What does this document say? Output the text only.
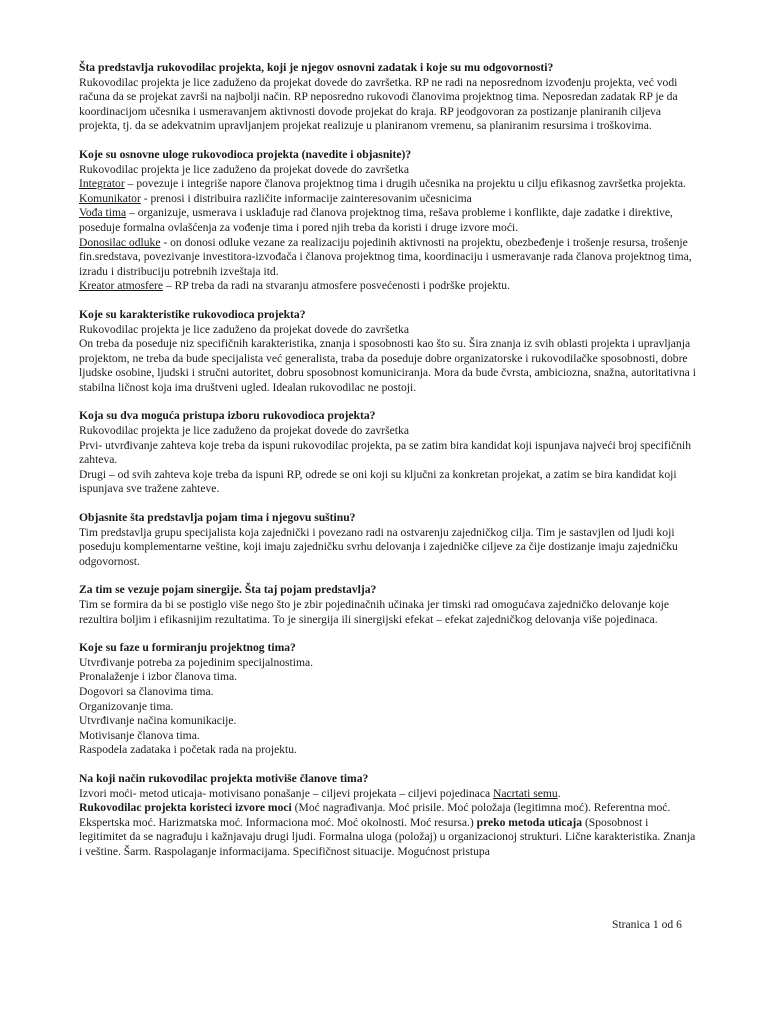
Šta predstavlja rukovodilac projekta, koji je njegov osnovni zadatak i koje su mu odgovornosti?

Rukovodilac projekta je lice zaduženo da projekat dovede do završetka. RP ne radi na neposrednom izvođenju projekta, već vodi računa da se projekat završi na najbolji način. RP neposredno rukovodi članovima projektnog tima. Neposredan zadatak RP je da koordinacijom učesnika i usmeravanjem aktivnosti dovode projekat do kraja. RP jeodgovoran za postizanje planiranih ciljeva projekta, tj. da se adekvatnim upravljanjem projekat realizuje u planiranom vremenu, sa planiranim resursima i troškovima.

Koje su osnovne uloge rukovodioca projekta (navedite i objasnite)?

Rukovodilac projekta je lice zaduženo da projekat dovede do završetka

Integrator – povezuje i integriše napore članova projektnog tima i drugih učesnika na projektu u cilju efikasnog završetka projekta.

Komunikator - prenosi i distribuira različite informacije zainteresovanim učesnicima

Vođa tima – organizuje, usmerava i usklađuje rad članova projektnog tima, rešava probleme i konflikte, daje zadatke i direktive, poseduje formalna ovlašćenja za vođenje tima i pored njih treba da koristi i druge izvore moći.

Donosilac odluke - on donosi odluke vezane za realizaciju pojedinih aktivnosti na projektu, obezbeđenje i trošenje resursa, trošenje fin.sredstava, povezivanje investitora-izvođača i članova projektnog tima, koordinaciju i usmeravanje rada članova projektnog tima, izradu i distribuciju potrebnih izveštaja itd.

Kreator atmosfere – RP treba da radi na stvaranju atmosfere posvećenosti i podrške projektu.

Koje su karakteristike rukovodioca projekta?

Rukovodilac projekta je lice zaduženo da projekat dovede do završetka

On treba da poseduje niz specifičnih karakteristika, znanja i sposobnosti kao što su. Šira znanja iz svih oblasti projekta i upravljanja projektom, ne treba da bude specijalista već generalista, traba da poseduje dobre organizatorske i rukovodilačke sposobnosti, dobre ljudske osobine, ljudski i stručni autoritet, dobru sposobnost komuniciranja. Mora da bude čvrsta, ambiciozna, snažna, autoritativna i stabilna ličnost koja ima društveni ugled. Idealan rukovodilac ne postoji.

Koja su dva moguća pristupa izboru rukovodioca projekta?

Rukovodilac projekta je lice zaduženo da projekat dovede do završetka

Prvi- utvrđivanje zahteva koje treba da ispuni rukovodilac projekta, pa se zatim bira kandidat koji ispunjava najveći broj specifičnih zahteva.

Drugi – od svih zahteva koje treba da ispuni RP, odrede se oni koji su ključni za konkretan projekat, a zatim se bira kandidat koji ispunjava sve tražene zahteve.

Objasnite šta predstavlja pojam tima i njegovu suštinu?

Tim predstavlja grupu specijalista koja zajednički i povezano radi na ostvarenju zajedničkog cilja. Tim je sastavjlen od ljudi koji poseduju komplementarne veštine, koji imaju zajedničku svrhu delovanja i zajedničke ciljeve za čije dostizanje imaju zajedničku odgovornost.

Za tim se vezuje pojam sinergije. Šta taj pojam predstavlja?

Tim se formira da bi se postiglo više nego što je zbir pojedinačnih učinaka jer timski rad omogućava zajedničko delovanje koje rezultira boljim i efikasnijim rezultatima. To je sinergija ili sinergijski efekat – efekat zajedničkog delovanja više pojedinaca.

Koje su faze u formiranju projektnog tima?

Utvrđivanje potreba za pojedinim specijalnostima.

Pronalaženje i izbor članova tima.

Dogovori sa članovima tima.

Organizovanje tima.

Utvrđivanje načina komunikacije.

Motivisanje članova tima.

Raspodela zadataka i početak rada na projektu.

Na koji način rukovodilac projekta motiviše članove tima?

Izvori moći- metod uticaja- motivisano ponašanje – ciljevi projekata – ciljevi pojedinaca Nacrtati semu.

Rukovodilac projekta koristeci izvore moci (Moć nagrađivanja. Moć prisile. Moć položaja (legitimna moć). Referentna moć. Ekspertska moć. Harizmatska moć. Informaciona moć. Moć okolnosti. Moć resursa.) preko metoda uticaja (Sposobnost i legitimitet da se nagrađuju i kažnjavaju drugi ljudi. Formalna uloga (položaj) u organizacionoj strukturi. Lične karakteristika. Znanja i veštine. Šarm. Raspolaganje informacijama. Specifičnost situacije. Mogućnost pristupa

Stranica 1 od 6
